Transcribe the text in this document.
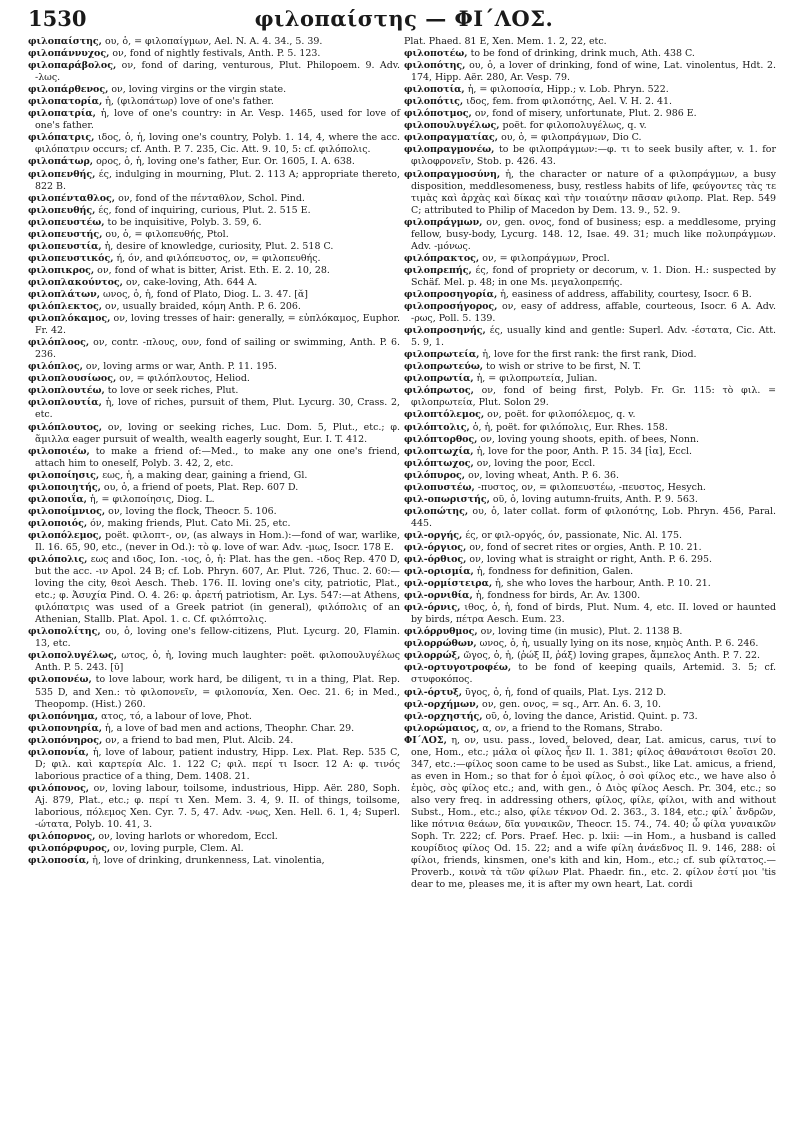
1530	φιλοπαίστης — ΦΙ΄ΛΟΣ.

φιλοπαίστης, ου, ὁ, = φιλοπαίγμων, Ael. N. A. 4. 34., 5. 39.

φιλοπάννυχος, ον, fond of nightly festivals, Anth. P. 5. 123.

φιλοπαράβολος, ον, fond of daring, venturous, Plut. Philopoem. 9. Adv. -λως.

φιλοπάρθενος, ον, loving virgins or the virgin state.

φιλοπατορία, ἡ, (φιλοπάτωρ) love of one's father.

φιλοπατρία, ἡ, love of one's country: in Ar. Vesp. 1465, used for love of one's father.

φιλόπατρις, ιδος, ὁ, ἡ, loving one's country, Polyb. 1. 14, 4, where the acc. φιλόπατριν occurs; cf. Anth. P. 7. 235, Cic. Att. 9. 10, 5: cf. φιλόπολις.

φιλοπάτωρ, ορος, ὁ, ἡ, loving one's father, Eur. Or. 1605, I. A. 638.

φιλοπενθής, ές, indulging in mourning, Plut. 2. 113 A; appropriate thereto, 822 B.

φιλοπένταθλος, ον, fond of the πένταθλον, Schol. Pind.

φιλοπευθής, ές, fond of inquiring, curious, Plut. 2. 515 E.

φιλοπευστέω, to be inquisitive, Polyb. 3. 59, 6.

φιλοπευστής, ου, ὁ, = φιλοπευθής, Ptol.

φιλοπευστία, ἡ, desire of knowledge, curiosity, Plut. 2. 518 C.

φιλοπευστικός, ή, όν, and φιλόπευστος, ον, = φιλοπευθής.

φιλοπικρος, ον, fond of what is bitter, Arist. Eth. E. 2. 10, 28.

φιλοπλακούντος, ον, cake-loving, Ath. 644 A.

φιλοπλάτων, ωνος, ὁ, ἡ, fond of Plato, Diog. L. 3. 47. [ᾰ]

φιλόπλεκτος, ον, usually braided, κόμη Anth. P. 6. 206.

φιλοπλόκαμος, ον, loving tresses of hair: generally, = εὐπλόκαμος, Euphor. Fr. 42.

φιλόπλοος, ον, contr. -πλους, ουν, fond of sailing or swimming, Anth. P. 6. 236.

φιλόπλος, ον, loving arms or war, Anth. P. 11. 195.

φιλοπλουσίωος, ον, = φιλόπλουτος, Heliod.

φιλοπλουτέω, to love or seek riches, Plut.

φιλοπλουτία, ἡ, love of riches, pursuit of them, Plut. Lycurg. 30, Crass. 2, etc.

φιλόπλουτος, ον, loving or seeking riches, Luc. Dom. 5, Plut., etc.; φ. ἅμιλλα eager pursuit of wealth, wealth eagerly sought, Eur. I. T. 412.

φιλοποιέω, to make a friend of:—Med., to make any one one's friend, attach him to oneself, Polyb. 3. 42, 2, etc.

φιλοποίησις, εως, ἡ, a making dear, gaining a friend, Gl.

φιλοποιητής, ου, ὁ, a friend of poets, Plat. Rep. 607 D.

φιλοποιΐα, ἡ, = φιλοποίησις, Diog. L.

φιλοποίμνιος, ον, loving the flock, Theocr. 5. 106.

φιλοποιός, όν, making friends, Plut. Cato Mi. 25, etc.

φιλοπόλεμος, poët. φιλοπτ-, ον, (as always in Hom.):—fond of war, warlike, Il. 16. 65, 90, etc., (never in Od.): τὸ φ. love of war. Adv. -μως, Isocr. 178 E.

φιλόπολις, εως and ιδος, Ion. -ιος, ὁ, ἡ: Plat. has the gen. -ιδος Rep. 470 D, but the acc. -ιν Apol. 24 B; cf. Lob. Phryn. 607, Ar. Plut. 726, Thuc. 2. 60:—loving the city, θεοὶ Aesch. Theb. 176. II. loving one's city, patriotic, Plat., etc.; φ. Ἀσυχία Pind. O. 4. 26: φ. ἀρετή patriotism, Ar. Lys. 547:—at Athens, φιλόπατρις was used of a Greek patriot (in general), φιλόπολις of an Athenian, Stallb. Plat. Apol. 1. c. Cf. φιλόπτολις.

φιλοπολίτης, ου, ὁ, loving one's fellow-citizens, Plut. Lycurg. 20, Flamin. 13, etc.

φιλοπολυγέλως, ωτος, ὁ, ἡ, loving much laughter: poët. φιλοπουλυγέλως Anth. P. 5. 243. [ῡ]

φιλοπονέω, to love labour, work hard, be diligent, τι in a thing, Plat. Rep. 535 D, and Xen.: τὸ φιλοπονεῖν, = φιλοπονία, Xen. Oec. 21. 6; in Med., Theopomp. (Hist.) 260.

φιλοπόνημα, ατος, τό, a labour of love, Phot.

φιλοπονηρία, ἡ, a love of bad men and actions, Theophr. Char. 29.

φιλοπόνηρος, ον, a friend to bad men, Plut. Alcib. 24.

φιλοπονία, ἡ, love of labour, patient industry, Hipp. Lex. Plat. Rep. 535 C, D; φιλ. καὶ καρτερία Alc. 1. 122 C; φιλ. περί τι Isocr. 12 A: φ. τινός laborious practice of a thing, Dem. 1408. 21.

φιλόπονος, ον, loving labour, toilsome, industrious, Hipp. Aër. 280, Soph. Aj. 879, Plat., etc.; φ. περί τι Xen. Mem. 3. 4, 9. II. of things, toilsome, laborious, πόλεμος Xen. Cyr. 7. 5, 47. Adv. -νως, Xen. Hell. 6. 1, 4; Superl. -ώτατα, Polyb. 10. 41, 3.

φιλόπορνος, ον, loving harlots or whoredom, Eccl.

φιλοπόρφυρος, ον, loving purple, Clem. Al.

φιλοποσία, ἡ, love of drinking, drunkenness, Lat. vinolentia,

Plat. Phaed. 81 E, Xen. Mem. 1. 2, 22, etc.

φιλοποτέω, to be fond of drinking, drink much, Ath. 438 C.

φιλοπότης, ου, ὁ, a lover of drinking, fond of wine, Lat. vinolentus, Hdt. 2. 174, Hipp. Aër. 280, Ar. Vesp. 79.

φιλοποτία, ἡ, = φιλοποσία, Hipp.; v. Lob. Phryn. 522.

φιλοπότις, ιδος, fem. from φιλοπότης, Ael. V. H. 2. 41.

φιλόποτμος, ον, fond of misery, unfortunate, Plut. 2. 986 E.

φιλοπουλυγέλως, poët. for φιλοπολυγέλως, q. v.

φιλοπραγματίας, ου, ὁ, = φιλοπράγμων, Dio C.

φιλοπραγμονέω, to be φιλοπράγμων:—φ. τι to seek busily after, v. 1. for φιλοφρονεῖν, Stob. p. 426. 43.

φιλοπραγμοσύνη, ἡ, the character or nature of a φιλοπράγμων, a busy disposition, meddlesomeness, busy, restless habits of life, φεύγοντες τὰς τε τιμὰς καὶ ἀρχὰς καὶ δίκας καὶ τὴν τοιαύτην πᾶσαν φιλοπρ. Plat. Rep. 549 C; attributed to Philip of Macedon by Dem. 13. 9., 52. 9.

φιλοπράγμων, ον, gen. ονος, fond of business; esp. a meddlesome, prying fellow, busy-body, Lycurg. 148. 12, Isae. 49. 31; much like πολυπράγμων. Adv. -μόνως.

φιλόπρακτος, ον, = φιλοπράγμων, Procl.

φιλοπρεπής, ές, fond of propriety or decorum, v. 1. Dion. H.: suspected by Schäf. Mel. p. 48; in one Ms. μεγαλοπρεπής.

φιλοπροσηγορία, ἡ, easiness of address, affability, courtesy, Isocr. 6 B.

φιλοπροσήγορος, ον, easy of address, affable, courteous, Isocr. 6 A. Adv. -ρως, Poll. 5. 139.

φιλοπροσηνής, ές, usually kind and gentle: Superl. Adv. -έστατα, Cic. Att. 5. 9, 1.

φιλοπρωτεία, ἡ, love for the first rank: the first rank, Diod.

φιλοπρωτεύω, to wish or strive to be first, N. T.

φιλοπρωτία, ἡ, = φιλοπρωτεία, Julian.

φιλόπρωτος, ον, fond of being first, Polyb. Fr. Gr. 115: τὸ φιλ. = φιλοπρωτεία, Plut. Solon 29.

φιλοπτόλεμος, ον, poët. for φιλοπόλεμος, q. v.

φιλόπτολις, ὁ, ἡ, poët. for φιλόπολις, Eur. Rhes. 158.

φιλόπτορθος, ον, loving young shoots, epith. of bees, Nonn.

φιλοπτωχία, ἡ, love for the poor, Anth. P. 15. 34 [ἰα], Eccl.

φιλόπτωχος, ον, loving the poor, Eccl.

φιλόπυρος, ον, loving wheat, Anth. P. 6. 36.

φιλοπυστέω, -πυστος, ον, = φιλοπευστέω, -πευστος, Hesych.

φιλ-οπωριστής, οῦ, ὁ, loving autumn-fruits, Anth. P. 9. 563.

φιλοπώτης, ου, ὁ, later collat. form of φιλοπότης, Lob. Phryn. 456, Paral. 445.

φιλ-οργής, ές, or φιλ-οργός, όν, passionate, Nic. Al. 175.

φιλ-όργιος, ον, fond of secret rites or orgies, Anth. P. 10. 21.

φιλ-όρθιος, ον, loving what is straight or right, Anth. P. 6. 295.

φιλ-ορισμία, ἡ, fondness for definition, Galen.

φιλ-ορμίστειρα, ἡ, she who loves the harbour, Anth. P. 10. 21.

φιλ-ορνιθία, ἡ, fondness for birds, Ar. Av. 1300.

φιλ-όρνις, ιθος, ὁ, ἡ, fond of birds, Plut. Num. 4, etc. II. loved or haunted by birds, πέτρα Aesch. Eum. 23.

φιλόρρυθμος, ον, loving time (in music), Plut. 2. 1138 B.

φιλορρώθων, ωνος, ὁ, ἡ, usually lying on its nose, κημὸς Anth. P. 6. 246.

φιλορρώξ, ῶγος, ὁ, ἡ, (ῥώξ II, ῥάξ) loving grapes, ἄμπελος Anth. P. 7. 22.

φιλ-ορτυγοτροφέω, to be fond of keeping quails, Artemid. 3. 5; cf. στυφοκόπος.

φιλ-όρτυξ, ῦγος, ὁ, ἡ, fond of quails, Plat. Lys. 212 D.

φιλ-ορχήμων, ον, gen. ονος, = sq., Arr. An. 6. 3, 10.

φιλ-ορχηστής, οῦ, ὁ, loving the dance, Aristid. Quint. p. 73.

φιλορώμαιος, α, ον, a friend to the Romans, Strabo.

ΦΙ΄ΛΟΣ, η, ον, usu. pass., loved, beloved, dear, Lat. amicus, carus, τινί to one, Hom., etc.; μάλα οἱ φίλος ἦεν Il. 1. 381; φίλος ἀθανάτοισι θεοῖσι 20. 347, etc.:—φίλος soon came to be used as Subst., like Lat. amicus, a friend, as even in Hom.; so that for ὁ ἐμοὶ φίλος, ὁ σοὶ φίλος etc., we have also ὁ ἐμὸς, σὸς φίλος etc.; and, with gen., ὁ Διὸς φίλος Aesch. Pr. 304, etc.; so also very freq. in addressing others, φίλος, φίλε, φίλοι, with and without Subst., Hom., etc.; also, φίλε τέκνον Od. 2. 363., 3. 184, etc.; φίλ᾽ ἄνδρῶν, like πότνια θεάων, δῖα γυναικῶν, Theocr. 15. 74., 74. 40; ὦ φίλα γυναικῶν Soph. Tr. 222; cf. Pors. Praef. Hec. p. lxii: —in Hom., a husband is called κουρίδιος φίλος Od. 15. 22; and a wife φίλη ἀνάεδνος Il. 9. 146, 288: οἱ φίλοι, friends, kinsmen, one's kith and kin, Hom., etc.; cf. sub φίλτατος.—Proverb., κοινὰ τὰ τῶν φίλων Plat. Phaedr. fin., etc. 2. φίλον ἐστί μοι 'tis dear to me, pleases me, it is after my own heart, Lat. cordi
